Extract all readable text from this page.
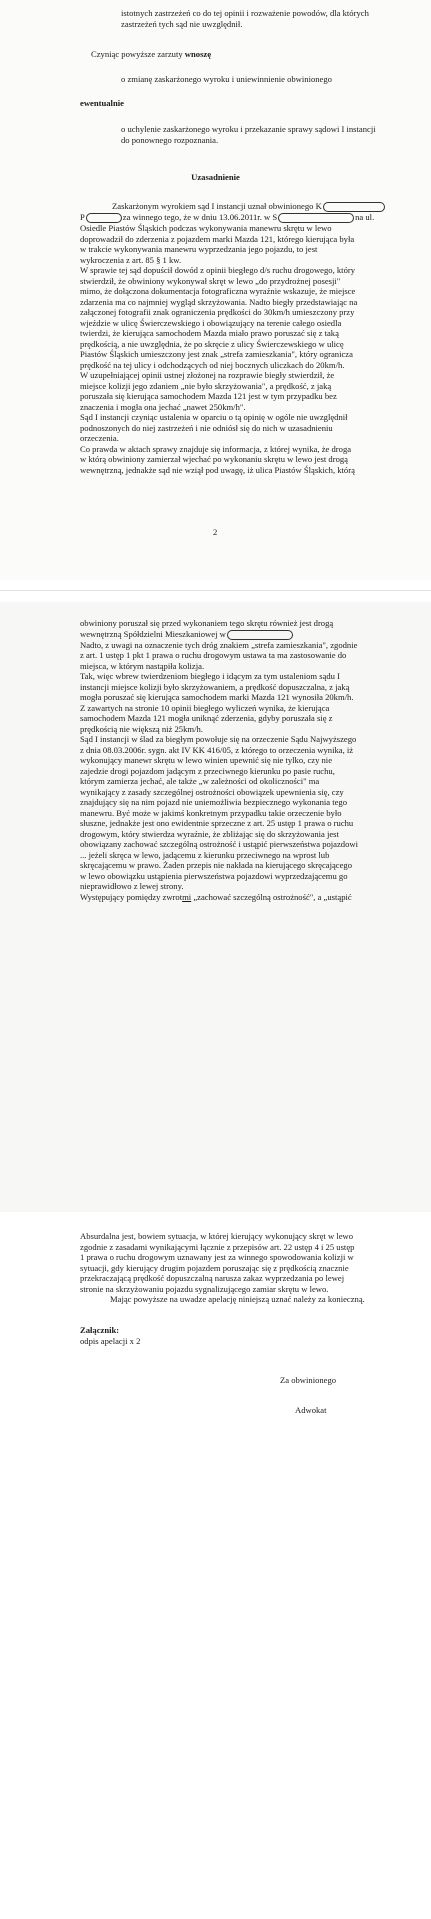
istotnych zastrzeżeń co do tej opinii i rozważenie powodów, dla których
zastrzeżeń tych sąd nie uwzględnił.
Czyniąc powyższe zarzuty wnoszę
o zmianę zaskarżonego wyroku i uniewinnienie obwinionego
ewentualnie
o uchylenie zaskarżonego wyroku i przekazanie sprawy sądowi I instancji
do ponownego rozpoznania.
Uzasadnienie
Zaskarżonym wyrokiem sąd I instancji uznał obwinionego K
P	za winnego tego, że w dniu 13.06.2011r. w S	na ul.
Osiedle Piastów Śląskich podczas wykonywania manewru skrętu w lewo
doprowadził do zderzenia z pojazdem marki Mazda 121, którego kierująca była
w trakcie wykonywania manewru wyprzedzania jego pojazdu, to jest
wykroczenia z art. 85 § 1 kw.
W sprawie tej sąd dopuścił dowód z opinii biegłego d/s ruchu drogowego, który
stwierdził, że obwiniony wykonywał skręt w lewo „do przydrożnej posesji"
mimo, że dołączona dokumentacja fotograficzna wyraźnie wskazuje, że miejsce
zdarzenia ma co najmniej wygląd skrzyżowania. Nadto biegły przedstawiając na
załączonej fotografii znak ograniczenia prędkości do 30km/h umieszczony przy
wjeździe w ulicę Świerczewskiego i obowiązujący na terenie całego osiedla
twierdzi, że kierująca samochodem Mazda miało prawo poruszać się z taką
prędkością, a nie uwzględnia, że po skręcie z ulicy Świerczewskiego w ulicę
Piastów Śląskich umieszczony jest znak „strefa zamieszkania", który ogranicza
prędkość na tej ulicy i odchodzących od niej bocznych uliczkach do 20km/h.
W uzupełniającej opinii ustnej złożonej na rozprawie biegły stwierdził, że
miejsce kolizji jego zdaniem „nie było skrzyżowania", a prędkość, z jaką
poruszała się kierująca samochodem Mazda 121 jest w tym przypadku bez
znaczenia i mogła ona jechać „nawet 250km/h".
Sąd I instancji czyniąc ustalenia w oparciu o tą opinię w ogóle nie uwzględnił
podnoszonych do niej zastrzeżeń i nie odniósł się do nich w uzasadnieniu
orzeczenia.
Co prawda w aktach sprawy znajduje się informacja, z której wynika, że droga
w którą obwiniony zamierzał wjechać po wykonaniu skrętu w lewo jest drogą
wewnętrzną, jednakże sąd nie wziął pod uwagę, iż ulica Piastów Śląskich, którą
2
obwiniony poruszał się przed wykonaniem tego skrętu również jest drogą
wewnętrzną Spółdzielni Mieszkaniowej w
Nadto, z uwagi na oznaczenie tych dróg znakiem „strefa zamieszkania", zgodnie
z art. 1 ustęp 1 pkt 1 prawa o ruchu drogowym ustawa ta ma zastosowanie do
miejsca, w którym nastąpiła kolizja.
Tak, więc wbrew twierdzeniom biegłego i idącym za tym ustaleniom sądu I
instancji miejsce kolizji było skrzyżowaniem, a prędkość dopuszczalna, z jaką
mogła poruszać się kierująca samochodem marki Mazda 121 wynosiła 20km/h.
Z zawartych na stronie 10 opinii biegłego wyliczeń wynika, że kierująca
samochodem Mazda 121 mogła uniknąć zderzenia, gdyby poruszała się z
prędkością nie większą niż 25km/h.
Sąd I instancji w ślad za biegłym powołuje się na orzeczenie Sądu Najwyższego
z dnia 08.03.2006r. sygn. akt IV KK 416/05, z którego to orzeczenia wynika, iż
wykonujący manewr skrętu w lewo winien upewnić się nie tylko, czy nie
zajedzie drogi pojazdom jadącym z przeciwnego kierunku po pasie ruchu,
którym zamierza jechać, ale także „w zależności od okoliczności" ma
wynikający z zasady szczególnej ostrożności obowiązek upewnienia się, czy
znajdujący się na nim pojazd nie uniemożliwia bezpiecznego wykonania tego
manewru. Być może w jakimś konkretnym przypadku takie orzeczenie było
słuszne, jednakże jest ono ewidentnie sprzeczne z art. 25 ustęp 1 prawa o ruchu
drogowym, który stwierdza wyraźnie, że zbliżając się do skrzyżowania jest
obowiązany zachować szczególną ostrożność i ustąpić pierwszeństwa pojazdowi
... jeżeli skręca w lewo, jadącemu z kierunku przeciwnego na wprost lub
skręcającemu w prawo. Żaden przepis nie nakłada na kierującego skręcającego
w lewo obowiązku ustąpienia pierwszeństwa pojazdowi wyprzedzającemu go
nieprawidłowo z lewej strony.
Występujący pomiędzy zwrotmi „zachować szczególną ostrożność", a „ustąpić
Absurdalna jest, bowiem sytuacja, w której kierujący wykonujący skręt w lewo
zgodnie z zasadami wynikającymi łącznie z przepisów art. 22 ustęp 4 i 25 ustęp
1 prawa o ruchu drogowym uznawany jest za winnego spowodowania kolizji w
sytuacji, gdy kierujący drugim pojazdem poruszając się z prędkością znacznie
przekraczającą prędkość dopuszczalną narusza zakaz wyprzedzania po lewej
stronie na skrzyżowaniu pojazdu sygnalizującego zamiar skrętu w lewo.
Mając powyższe na uwadze apelację niniejszą uznać należy za konieczną.
Załącznik:
odpis apelacji x 2
Za obwinionego
Adwokat
